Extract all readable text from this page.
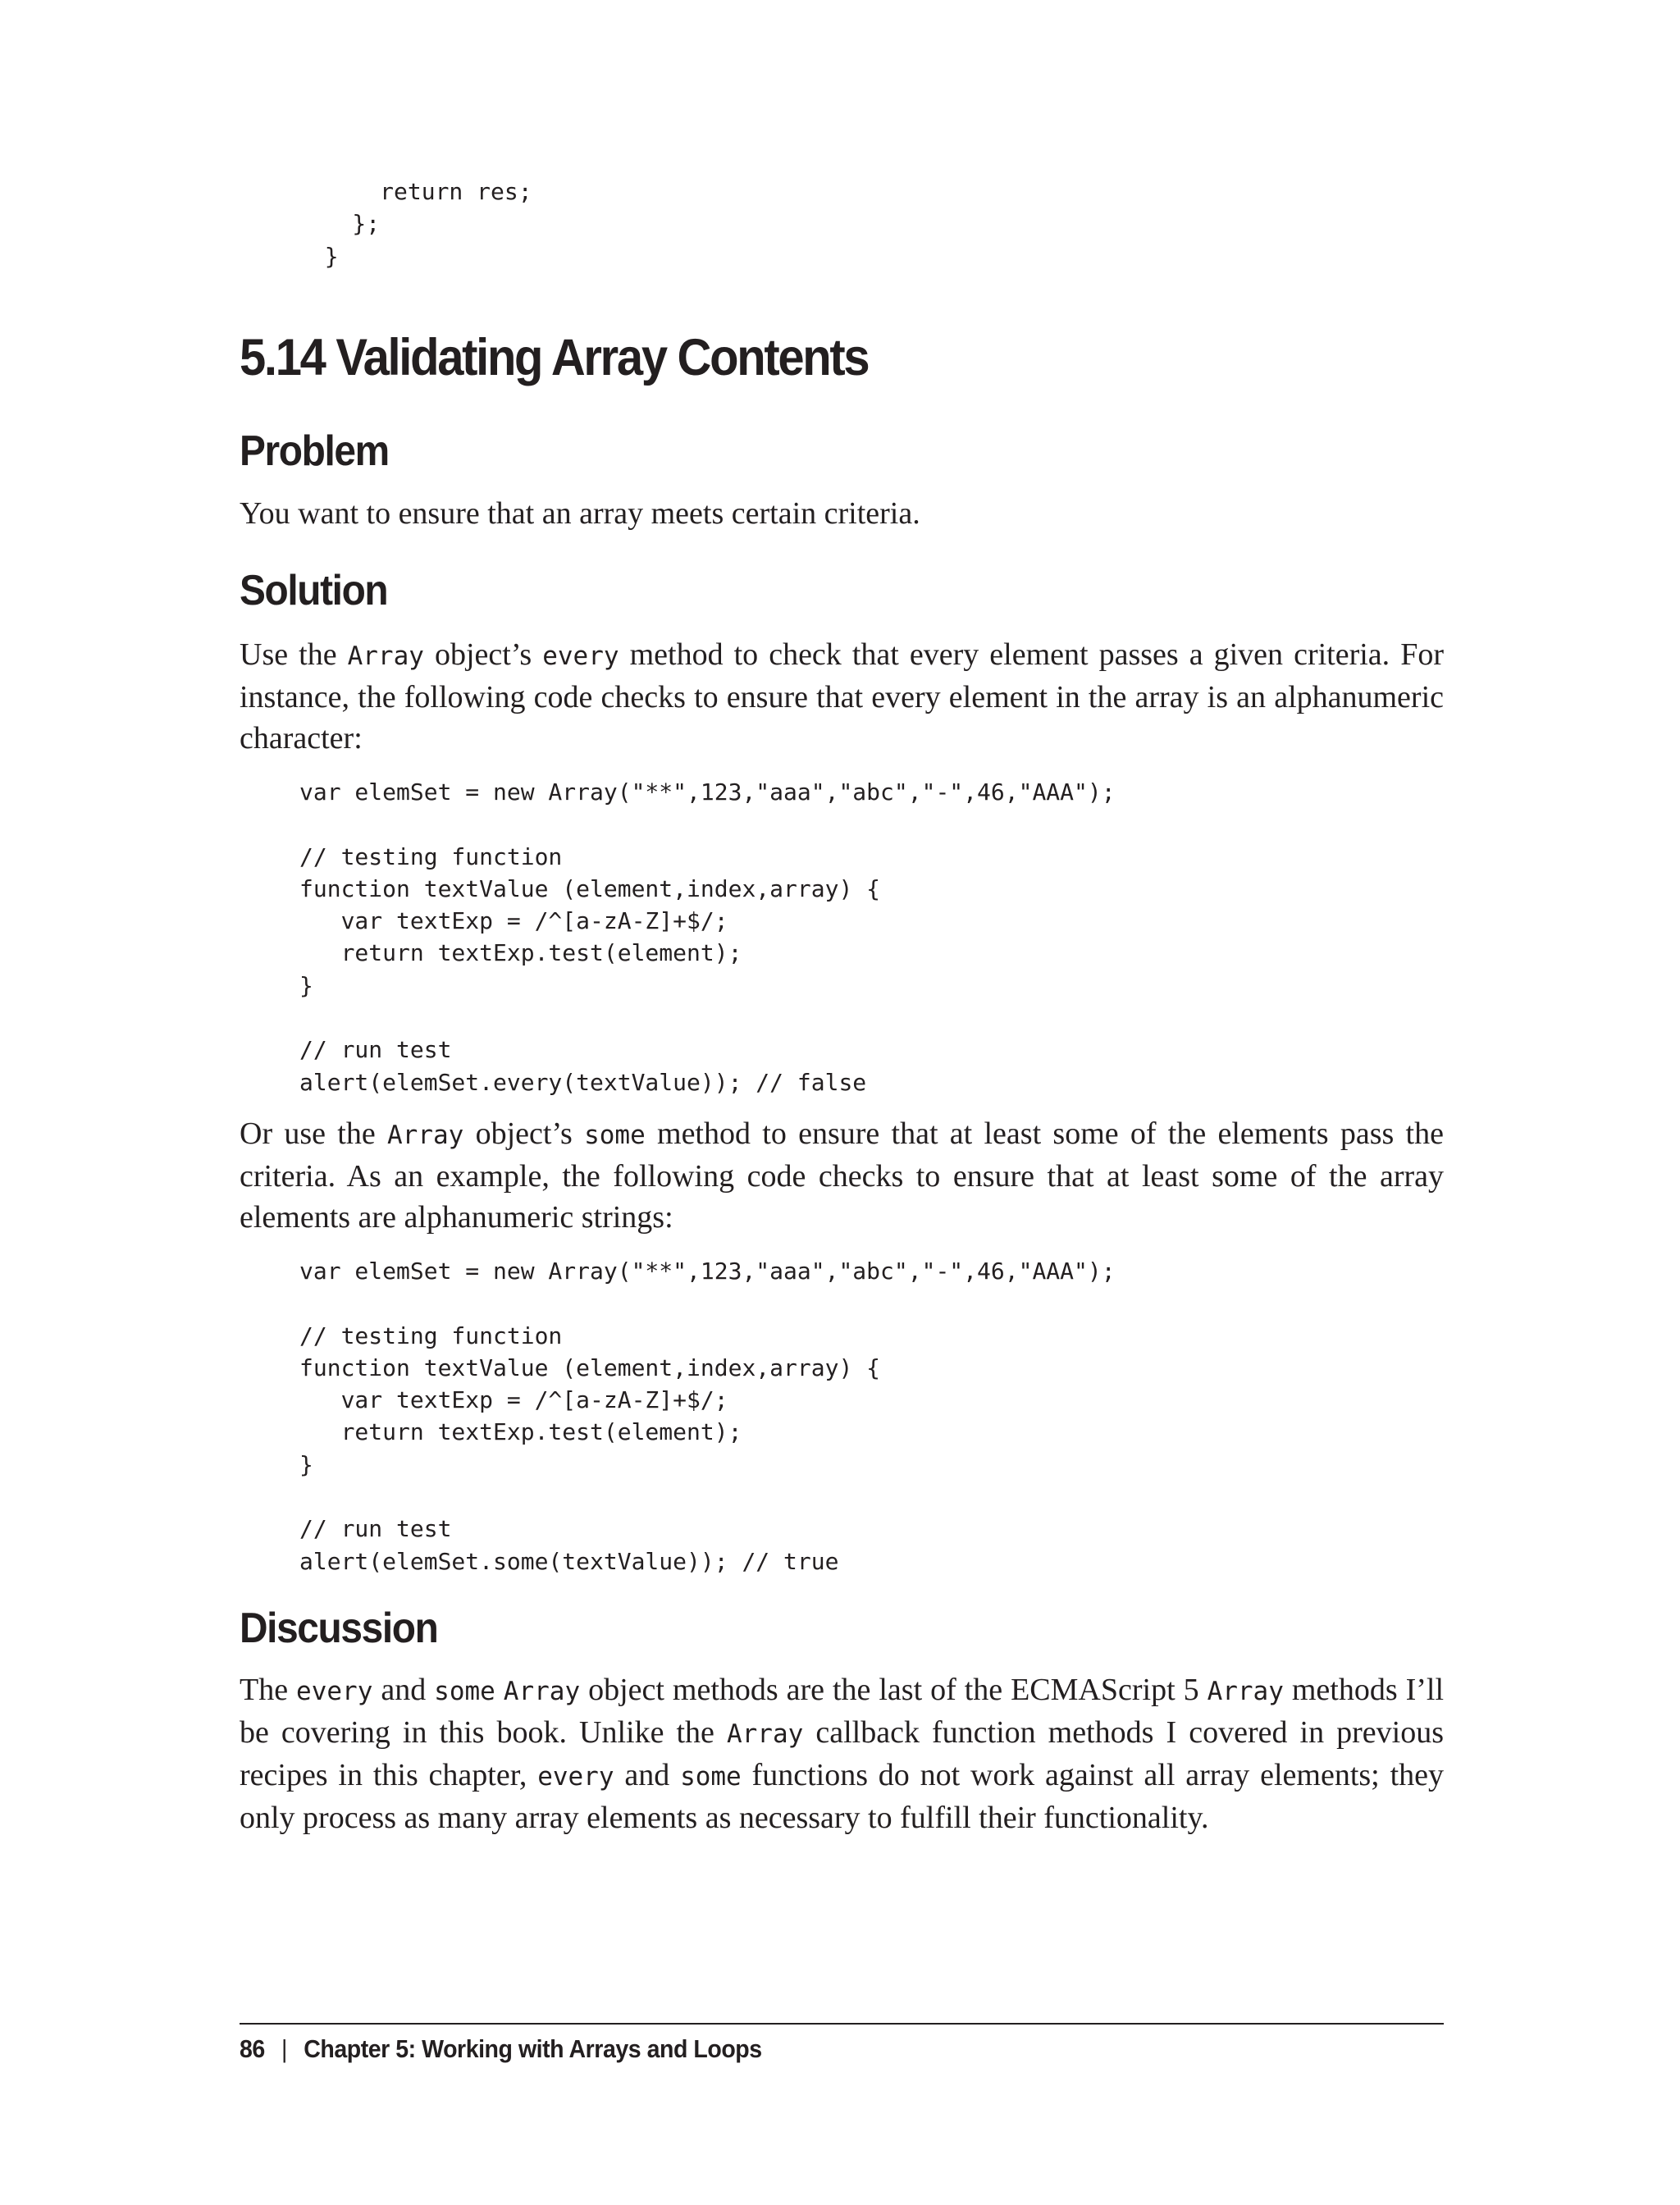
return res;
};
}
5.14 Validating Array Contents
Problem

You want to ensure that an array meets certain criteria.

Solution

Use the Array object’s every method to check that every element passes a given criteria. For instance, the following code checks to ensure that every element in the array is an alphanumeric character:

var elemSet = new Array("**",123,"aaa","abc","-",46,"AAA");

// testing function
function textValue (element,index,array) {
var textExp = /^[a-zA-Z]+$/;
return textExp.test(element);
}

// run test
alert(elemSet.every(textValue)); // false

Or use the Array object’s some method to ensure that at least some of the elements pass the criteria. As an example, the following code checks to ensure that at least some of the array elements are alphanumeric strings:

var elemSet = new Array("**",123,"aaa","abc","-",46,"AAA");

// testing function
function textValue (element,index,array) {
var textExp = /^[a-zA-Z]+$/;
return textExp.test(element);
}

// run test
alert(elemSet.some(textValue)); // true
Discussion

The every and some Array object methods are the last of the ECMAScript 5 Array methods I’ll be covering in this book. Unlike the Array callback function methods I covered in previous recipes in this chapter, every and some functions do not work against all array elements; they only process as many array elements as necessary to fulfill their functionality.

86 | Chapter 5: Working with Arrays and Loops
